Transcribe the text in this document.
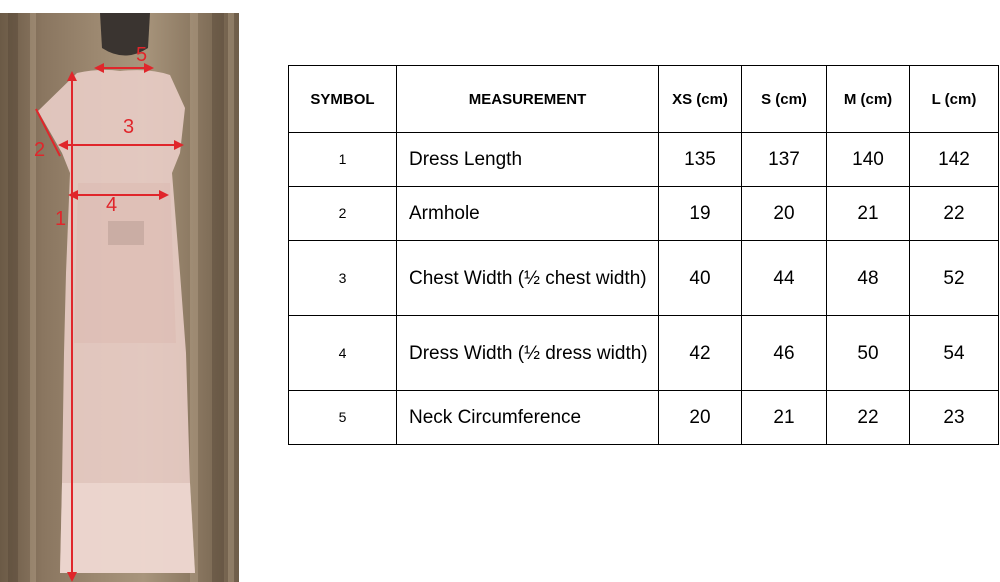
1
2
3
4
5
SYMBOL	MEASUREMENT	XS (cm)	S (cm)	M (cm)	L (cm)
1	Dress Length	135	137	140	142
2	Armhole	19	20	21	22
3	Chest Width (½ chest width)	40	44	48	52
4	Dress Width (½ dress width)	42	46	50	54
5	Neck Circumference	20	21	22	23
